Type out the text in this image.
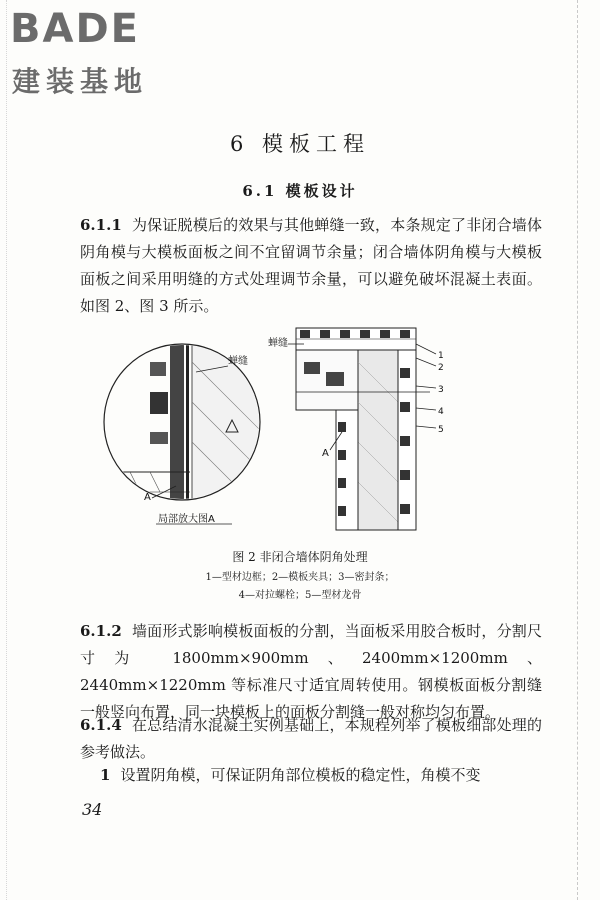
BADE
建装基地
6 模板工程
6.1 模板设计
6.1.1 为保证脱模后的效果与其他蝉缝一致，本条规定了非闭合墙体阴角模与大模板面板之间不宜留调节余量；闭合墙体阴角模与大模板面板之间采用明缝的方式处理调节余量，可以避免破坏混凝土表面。如图 2、图 3 所示。
蝉缝
A
局部放大图A
蝉缝
A
1
2
3
4
5
图 2 非闭合墙体阴角处理
1—型材边框；2—模板夹具；3—密封条；
4—对拉螺栓；5—型材龙骨
6.1.2 墙面形式影响模板面板的分割，当面板采用胶合板时，分割尺寸为 1800mm×900mm、2400mm×1200mm、2440mm×1220mm 等标准尺寸适宜周转使用。钢模板面板分割缝一般竖向布置，同一块模板上的面板分割缝一般对称均匀布置。
6.1.4 在总结清水混凝土实例基础上，本规程列举了模板细部处理的参考做法。
1 设置阴角模，可保证阴角部位模板的稳定性，角模不变
34
